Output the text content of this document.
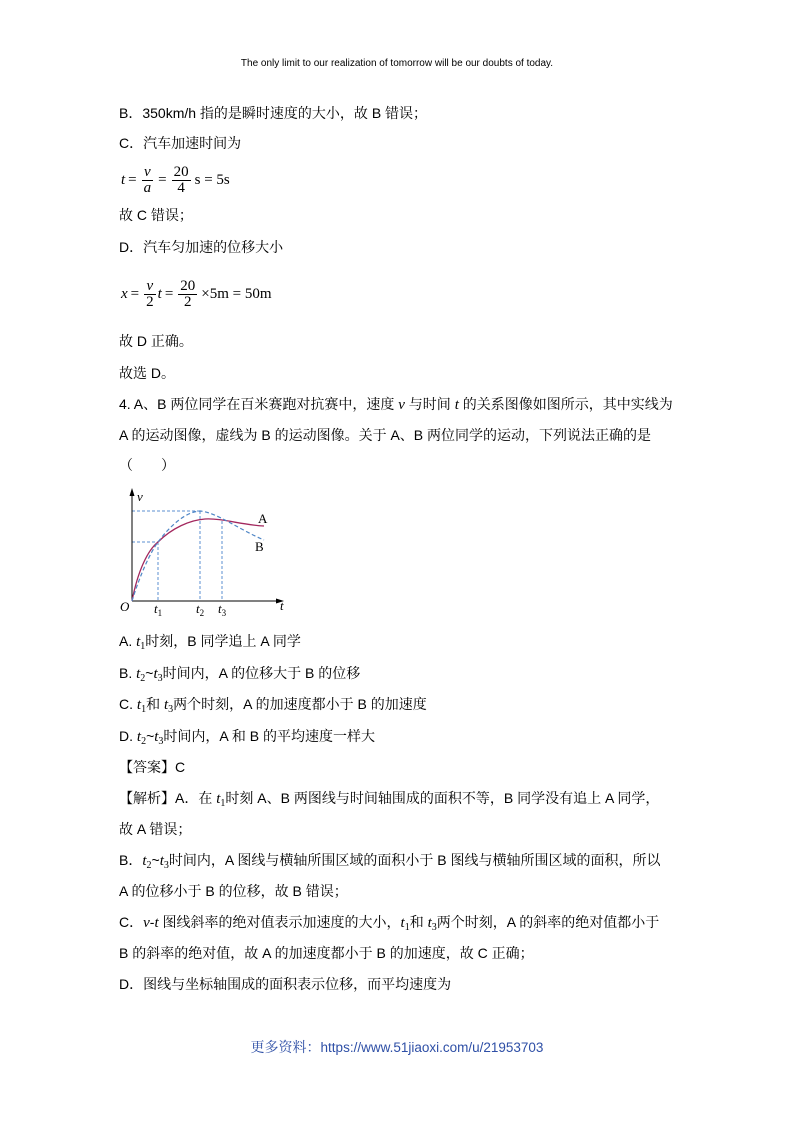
The only limit to our realization of tomorrow will be our doubts of today.
B．350km/h 指的是瞬时速度的大小，故 B 错误；
C．汽车加速时间为
$t = \frac{v}{a} = \frac{20}{4}$ s = 5s
故 C 错误；
D．汽车匀加速的位移大小
$x = \frac{v}{2}$ $t = \frac{20}{2} \times 5m = 50m$
故 D 正确。
故选 D。
4. A、B 两位同学在百米赛跑对抗赛中，速度 v 与时间 t 的关系图像如图所示，其中实线为
A 的运动图像，虚线为 B 的运动图像。关于 A、B 两位同学的运动，下列说法正确的是
（　　）
v
A
B
O	t
$t_1$	$t_2$ $t_3$
A. $t_1$时刻，B 同学追上 A 同学
B. $t_2\sim t_3$时间内，A 的位移大于 B 的位移
C. $t_1$和 $t_3$两个时刻，A 的加速度都小于 B 的加速度
D. $t_2\sim t_3$时间内，A 和 B 的平均速度一样大
【答案】C
【解析】A．在 $t_1$时刻 A、B 两图线与时间轴围成的面积不等，B 同学没有追上 A 同学，
故 A 错误；
B．$t_2\sim t_3$时间内，A 图线与横轴所围区域的面积小于 B 图线与横轴所围区域的面积，所以
A 的位移小于 B 的位移，故 B 错误；
C．v-t 图线斜率的绝对值表示加速度的大小，$t_1$和 $t_3$两个时刻，A 的斜率的绝对值都小于
B 的斜率的绝对值，故 A 的加速度都小于 B 的加速度，故 C 正确；
D．图线与坐标轴围成的面积表示位移，而平均速度为
更多资料：https://www.51jiaoxi.com/u/21953703
